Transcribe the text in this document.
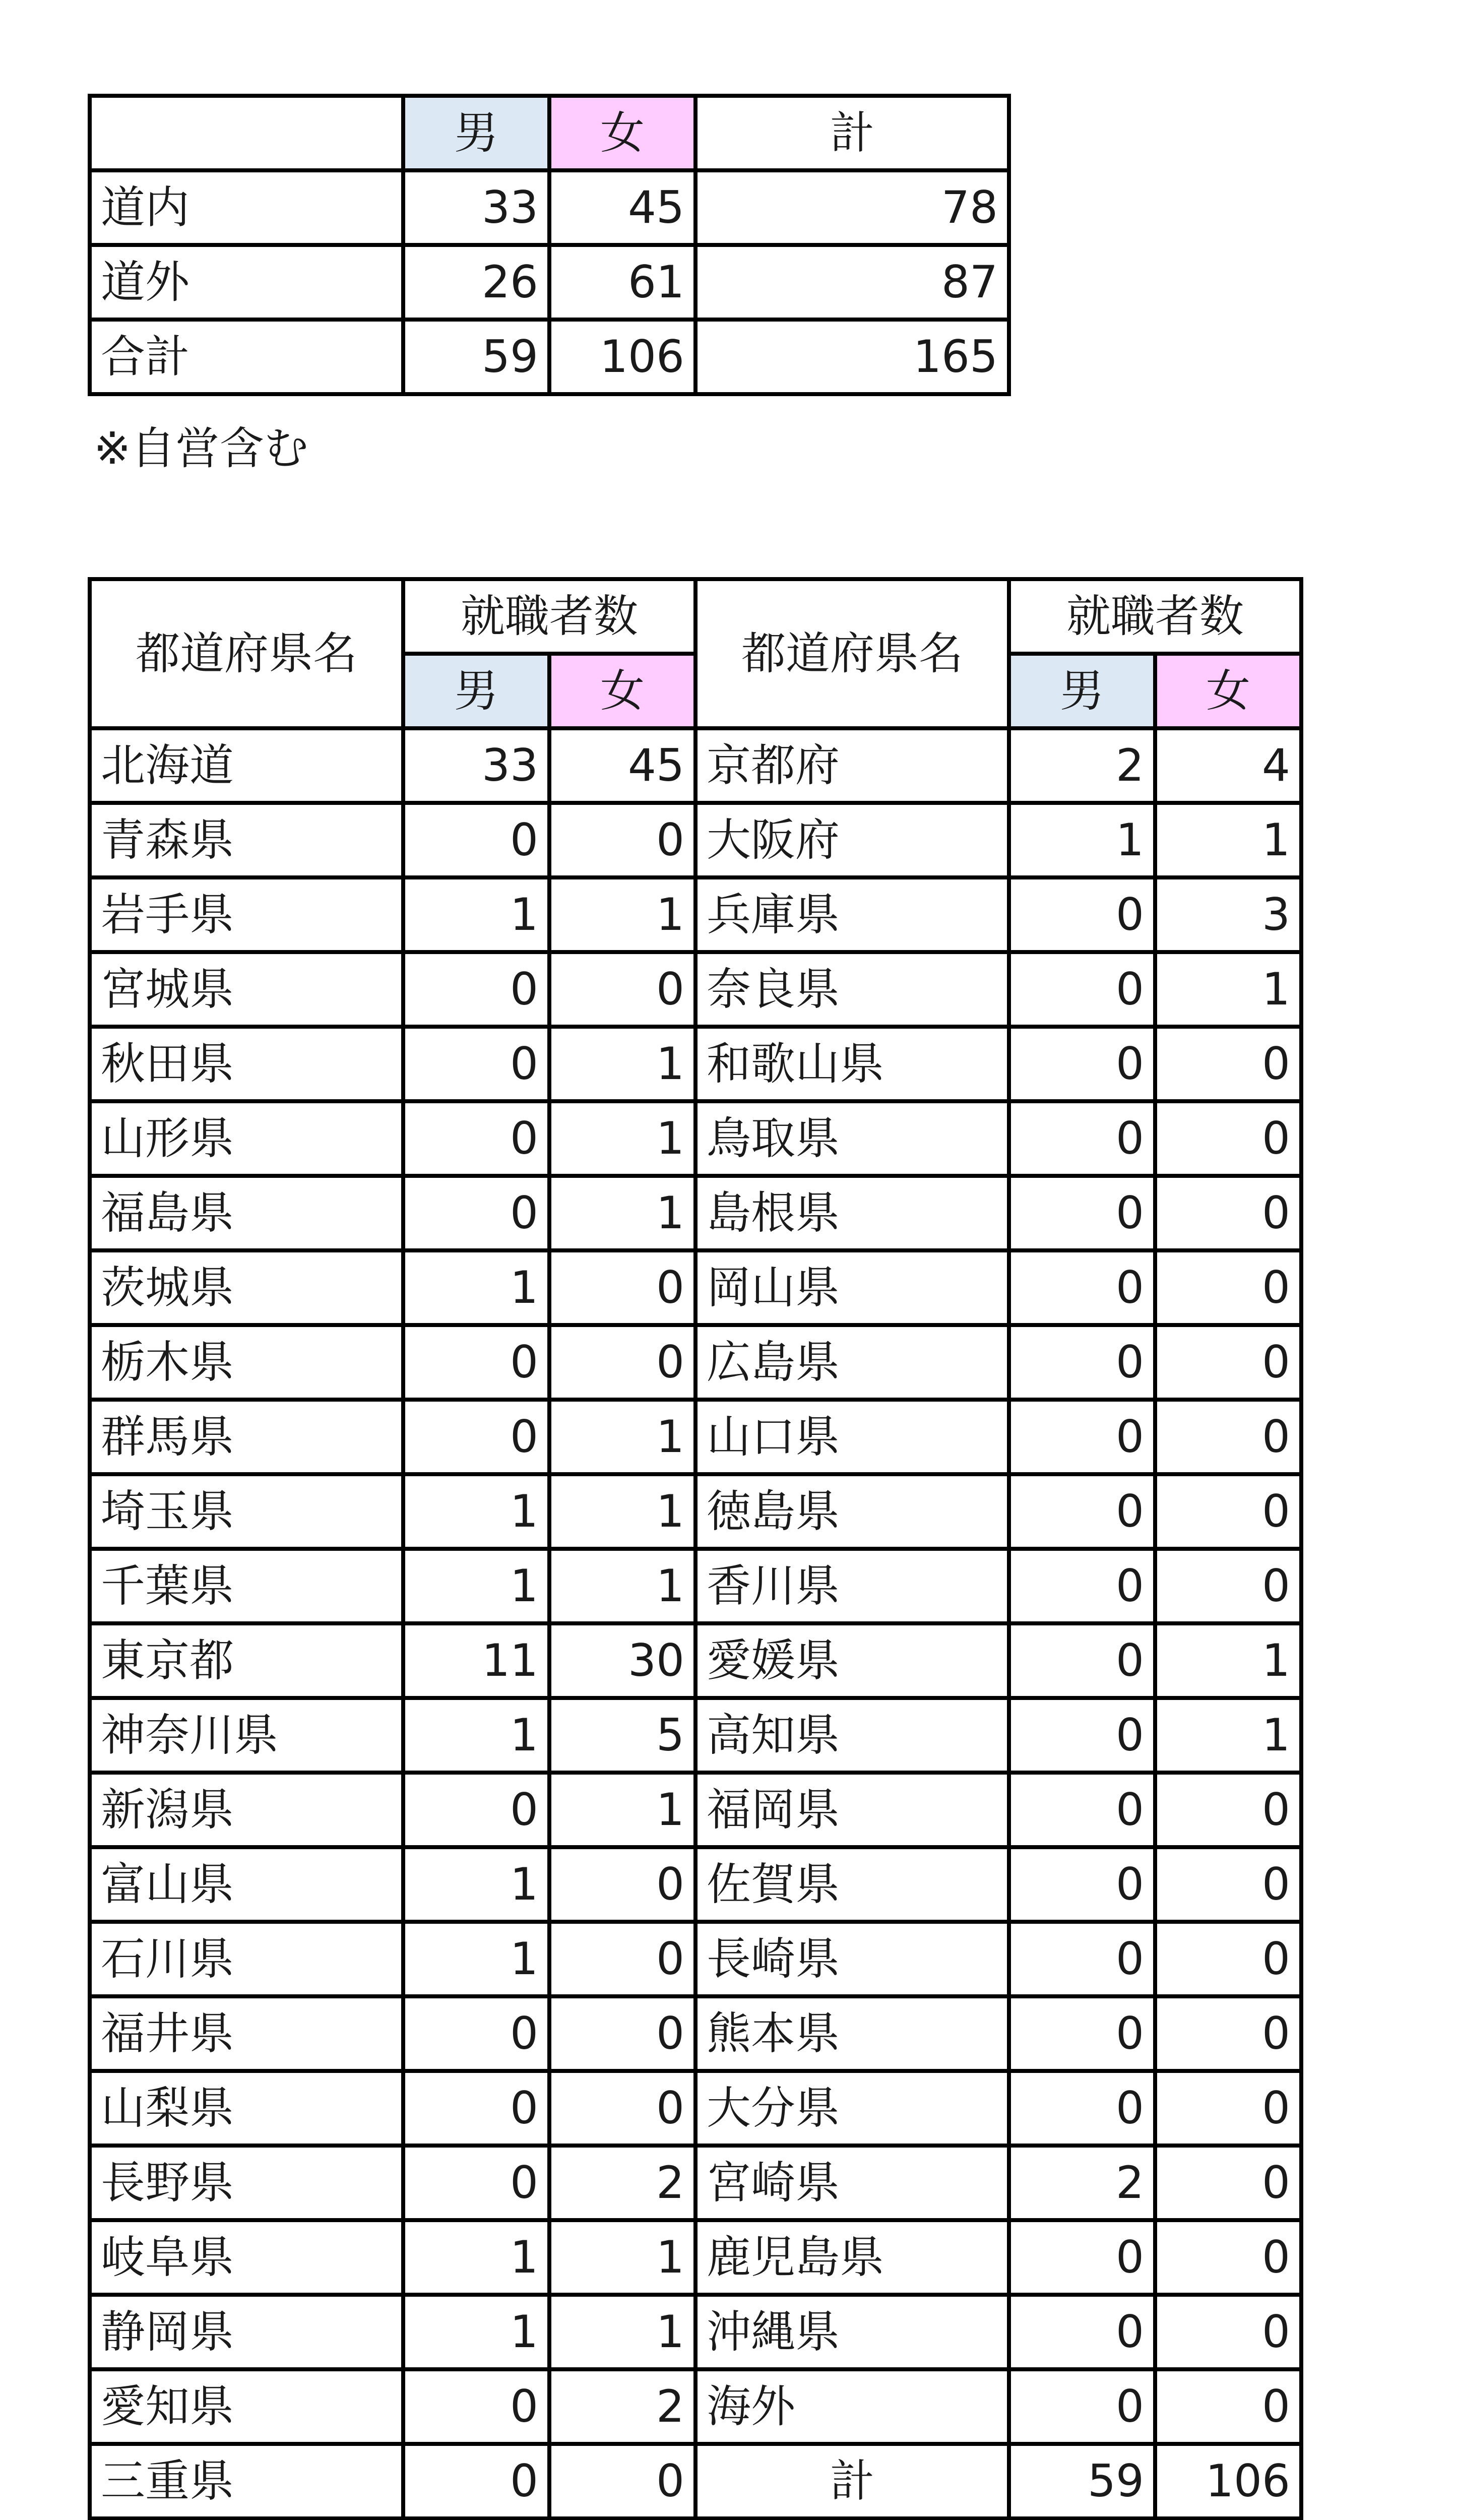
	男	女	計
道内	33	45	78
道外	26	61	87
合計	59	106	165
※自営含む
都道府県名	就職者数		都道府県名	就職者数	
	男	女		男	女
北海道	33	45	京都府	2	4
青森県	0	0	大阪府	1	1
岩手県	1	1	兵庫県	0	3
宮城県	0	0	奈良県	0	1
秋田県	0	1	和歌山県	0	0
山形県	0	1	鳥取県	0	0
福島県	0	1	島根県	0	0
茨城県	1	0	岡山県	0	0
栃木県	0	0	広島県	0	0
群馬県	0	1	山口県	0	0
埼玉県	1	1	徳島県	0	0
千葉県	1	1	香川県	0	0
東京都	11	30	愛媛県	0	1
神奈川県	1	5	高知県	0	1
新潟県	0	1	福岡県	0	0
富山県	1	0	佐賀県	0	0
石川県	1	0	長崎県	0	0
福井県	0	0	熊本県	0	0
山梨県	0	0	大分県	0	0
長野県	0	2	宮崎県	2	0
岐阜県	1	1	鹿児島県	0	0
静岡県	1	1	沖縄県	0	0
愛知県	0	2	海外	0	0
三重県	0	0	計	59	106
